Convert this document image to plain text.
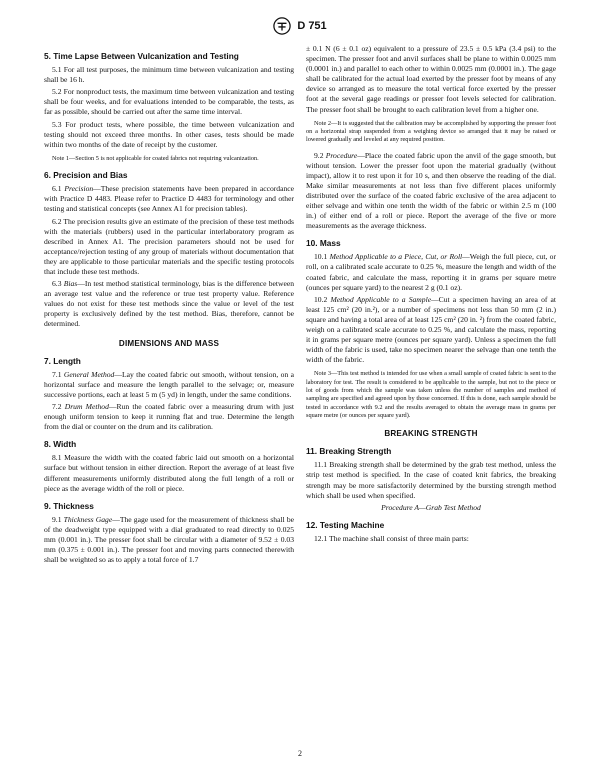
D 751
5. Time Lapse Between Vulcanization and Testing

5.1 For all test purposes, the minimum time between vulcanization and testing shall be 16 h.

5.2 For nonproduct tests, the maximum time between vulcanization and testing shall be four weeks, and for evaluations intended to be comparable, the tests, as far as possible, should be carried out after the same time interval.

5.3 For product tests, where possible, the time between vulcanization and testing should not exceed three months. In other cases, tests should be made within two months of the date of receipt by the customer.

Note 1—Section 5 is not applicable for coated fabrics not requiring vulcanization.

6. Precision and Bias

6.1 Precision—These precision statements have been prepared in accordance with Practice D 4483. Please refer to Practice D 4483 for terminology and other testing and statistical concepts (see Annex A1 for precision tables).

6.2 The precision results give an estimate of the precision of these test methods with the materials (rubbers) used in the particular interlaboratory program as described in Annex A1. The precision parameters should not be used for acceptance/rejection testing of any group of materials without documentation that they are applicable to those particular materials and the specific testing protocols that include these test methods.

6.3 Bias—In test method statistical terminology, bias is the difference between an average test value and the reference or true test property value. Reference values do not exist for these test methods since the value or level of the test property is exclusively defined by the test method. Bias, therefore, cannot be determined.

DIMENSIONS AND MASS
7. Length

7.1 General Method—Lay the coated fabric out smooth, without tension, on a horizontal surface and measure the length parallel to the selvage; or, measure successive portions, each at least 5 m (5 yd) in length, under the same conditions.

7.2 Drum Method—Run the coated fabric over a measuring drum with just enough uniform tension to keep it running flat and true. Determine the length from the dial or counter on the drum and its calibration.

8. Width

8.1 Measure the width with the coated fabric laid out smooth on a horizontal surface but without tension in either direction. Report the average of at least five different measurements uniformly distributed along the full length of a roll or piece as the average width of the roll or piece.

9. Thickness

9.1 Thickness Gage—The gage used for the measurement of thickness shall be of the deadweight type equipped with a dial graduated to read directly to 0.025 mm (0.001 in.). The presser foot shall be circular with a diameter of 9.52 ± 0.03 mm (0.375 ± 0.001 in.). The presser foot and moving parts connected therewith shall be weighted so as to apply a total force of 1.7

± 0.1 N (6 ± 0.1 oz) equivalent to a pressure of 23.5 ± 0.5 kPa (3.4 psi) to the specimen. The presser foot and anvil surfaces shall be plane to within 0.0025 mm (0.0001 in.) and parallel to each other to within 0.0025 mm (0.0001 in.). The gage shall be calibrated for the actual load exerted by the presser foot by means of any device so arranged as to measure the total vertical force exerted by the presser foot at the several gage readings or presser foot levels selected for calibration. The presser foot shall be brought to each calibration level from a higher one.

Note 2—It is suggested that the calibration may be accomplished by supporting the presser foot on a horizontal strap suspended from a weighing device so arranged that it may be raised or lowered gradually and leveled at any required position.

9.2 Procedure—Place the coated fabric upon the anvil of the gage smooth, but without tension. Lower the presser foot upon the material gradually (without impact), allow it to rest upon it for 10 s, and then observe the reading of the dial. Make similar measurements at not less than five different places uniformly distributed over the surface of the coated fabric exclusive of the area adjacent to either selvage and within one tenth the width of the fabric or within 2.5 m (100 in.) of either end of a roll or piece. Report the average of the five or more measurements as the average thickness.

10. Mass

10.1 Method Applicable to a Piece, Cut, or Roll—Weigh the full piece, cut, or roll, on a calibrated scale accurate to 0.25 %, measure the length and width of the coated fabric, and calculate the mass, reporting it in grams per square metre (ounces per square yard) to the nearest 2 g (0.1 oz).

10.2 Method Applicable to a Sample—Cut a specimen having an area of at least 125 cm² (20 in.²), or a number of specimens not less than 50 mm (2 in.) square and having a total area of at least 125 cm² (20 in. ²) from the coated fabric, weigh on a calibrated scale accurate to 0.25 %, and calculate the mass, reporting it in grams per square metre (ounces per square yard). Unless a specimen the full width of the fabric is used, take no specimen nearer the selvage than one tenth the width of the fabric.

Note 3—This test method is intended for use when a small sample of coated fabric is sent to the laboratory for test. The result is considered to be applicable to the sample, but not to the piece or lot of goods from which the sample was taken unless the number of samples and method of sampling are specified and agreed upon by those concerned. If this is done, each sample should be tested in accordance with 9.2 and the results averaged to obtain the average mass in grams per square metre (or ounces per square yard).

BREAKING STRENGTH
11. Breaking Strength

11.1 Breaking strength shall be determined by the grab test method, unless the strip test method is specified. In the case of coated knit fabrics, the breaking strength may be more satisfactorily determined by the bursting strength method which shall be used when specified.

Procedure A—Grab Test Method

12. Testing Machine

12.1 The machine shall consist of three main parts:

2
